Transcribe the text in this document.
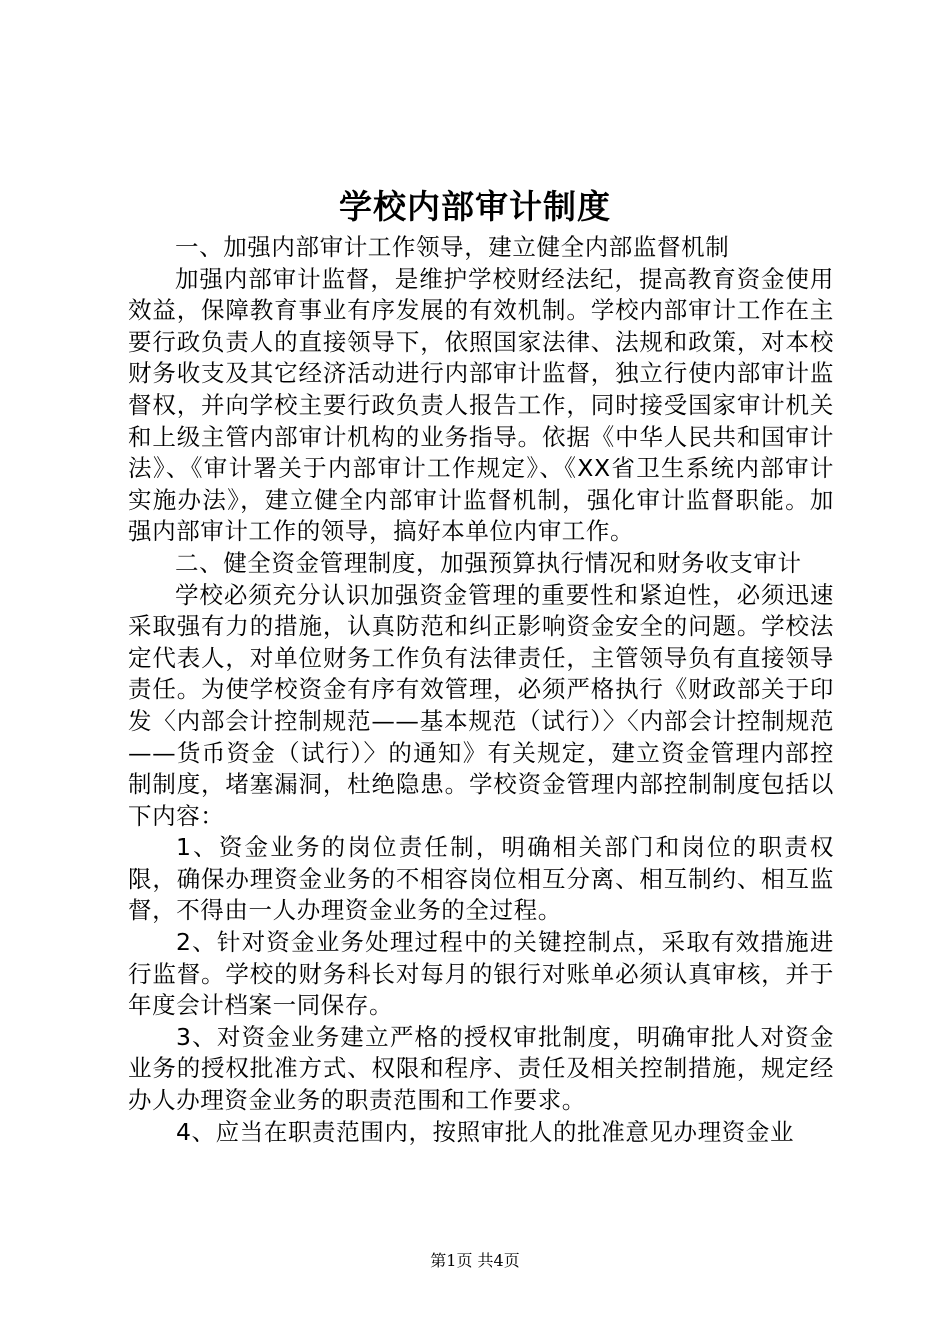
学校内部审计制度

一、加强内部审计工作领导，建立健全内部监督机制

加强内部审计监督，是维护学校财经法纪，提高教育资金使用效益，保障教育事业有序发展的有效机制。学校内部审计工作在主要行政负责人的直接领导下，依照国家法律、法规和政策，对本校财务收支及其它经济活动进行内部审计监督，独立行使内部审计监督权，并向学校主要行政负责人报告工作，同时接受国家审计机关和上级主管内部审计机构的业务指导。依据《中华人民共和国审计法》、《审计署关于内部审计工作规定》、《XX省卫生系统内部审计实施办法》，建立健全内部审计监督机制，强化审计监督职能。加强内部审计工作的领导，搞好本单位内审工作。

二、健全资金管理制度，加强预算执行情况和财务收支审计

学校必须充分认识加强资金管理的重要性和紧迫性，必须迅速采取强有力的措施，认真防范和纠正影响资金安全的问题。学校法定代表人，对单位财务工作负有法律责任，主管领导负有直接领导责任。为使学校资金有序有效管理，必须严格执行《财政部关于印发〈内部会计控制规范——基本规范（试行）〉〈内部会计控制规范——货币资金（试行）〉的通知》有关规定，建立资金管理内部控制制度，堵塞漏洞，杜绝隐患。学校资金管理内部控制制度包括以下内容：

1、资金业务的岗位责任制，明确相关部门和岗位的职责权限，确保办理资金业务的不相容岗位相互分离、相互制约、相互监督，不得由一人办理资金业务的全过程。

2、针对资金业务处理过程中的关键控制点，采取有效措施进行监督。学校的财务科长对每月的银行对账单必须认真审核，并于年度会计档案一同保存。

3、对资金业务建立严格的授权审批制度，明确审批人对资金业务的授权批准方式、权限和程序、责任及相关控制措施，规定经办人办理资金业务的职责范围和工作要求。

4、应当在职责范围内，按照审批人的批准意见办理资金业

第1页 共4页
